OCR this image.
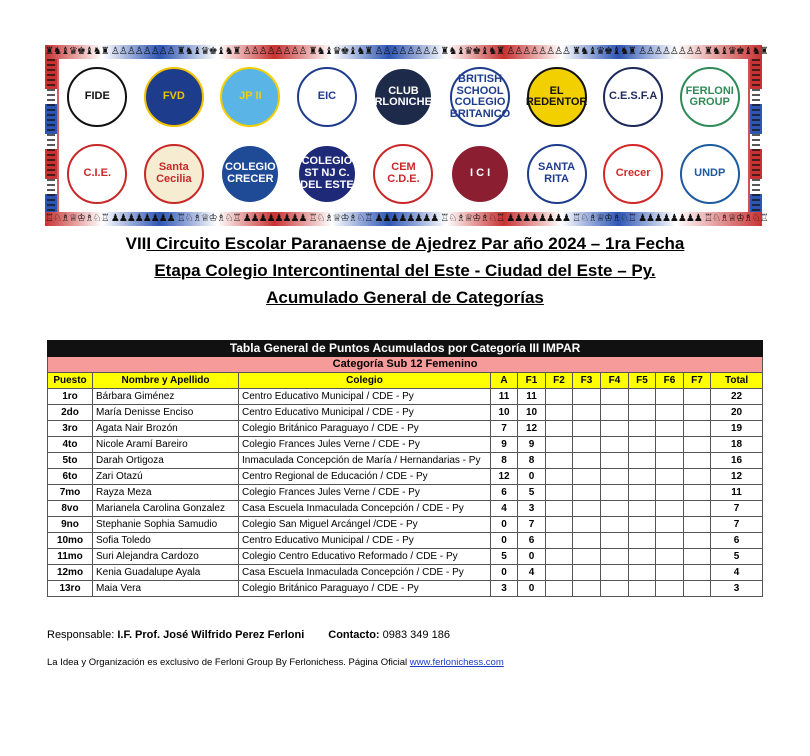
♜♞♝♛♚♝♞♜ ♙♙♙♙♙♙♙♙ ♜♞♝♛♚♝♞♜ ♙♙♙♙♙♙♙♙ ♜♞♝♛♚♝♞♜ ♙♙♙♙♙♙♙♙ ♜♞♝♛♚♝♞♜ ♙♙♙♙♙♙♙♙ ♜♞♝♛♚♝♞♜ ♙♙♙♙♙♙♙♙ ♜♞♝♛♚♝♞♜
FIDE	FVD	JP II	EIC	CLUB FERLONICHESS
BRITISH SCHOOL COLEGIO BRITANICO
EL REDENTOR	C.E.S.F.A	FERLONI GROUP
C.I.E.	Santa Cecilia
COLEGIO CRECER
COLEGIO ST NJ C. DEL ESTE
CEM C.D.E.	I C I	SANTA RITA	Crecer	UNDP
♖♘♗♕♔♗♘♖ ♟♟♟♟♟♟♟♟ ♖♘♗♕♔♗♘♖ ♟♟♟♟♟♟♟♟ ♖♘♗♕♔♗♘♖ ♟♟♟♟♟♟♟♟ ♖♘♗♕♔♗♘♖ ♟♟♟♟♟♟♟♟ ♖♘♗♕♔♗♘♖ ♟♟♟♟♟♟♟♟ ♖♘♗♕♔♗♘♖
VIII Circuito Escolar Paranaense de Ajedrez Par año 2024 – 1ra Fecha
Etapa Colegio Intercontinental del Este - Ciudad del Este – Py.
Acumulado General de Categorías
Tabla General de Puntos Acumulados por Categoría III IMPAR											
Categoría Sub 12 Femenino											
Puesto	Nombre y Apellido	Colegio	A	F1	F2	F3	F4	F5	F6	F7	Total
1ro	Bárbara Giménez	Centro Educativo Municipal / CDE - Py	11	11							22
2do	María Denisse Enciso	Centro Educativo Municipal / CDE - Py	10	10							20
3ro	Agata Nair Brozón	Colegio Británico Paraguayo / CDE - Py	7	12							19
4to	Nicole Aramí Bareiro	Colegio Frances Jules Verne / CDE - Py	9	9							18
5to	Darah Ortigoza	Inmaculada Concepción de María / Hernandarias - Py	8	8							16
6to	Zari Otazú	Centro Regional de Educación / CDE - Py	12	0							12
7mo	Rayza Meza	Colegio Frances Jules Verne / CDE - Py	6	5							11
8vo	Marianela Carolina Gonzalez	Casa Escuela Inmaculada Concepción / CDE - Py	4	3							7
9no	Stephanie Sophia Samudio	Colegio San Miguel Arcángel /CDE - Py	0	7							7
10mo	Sofia Toledo	Centro Educativo Municipal / CDE - Py	0	6							6
11mo	Suri Alejandra Cardozo	Colegio Centro Educativo Reformado / CDE - Py	5	0							5
12mo	Kenia Guadalupe Ayala	Casa Escuela Inmaculada Concepción / CDE - Py	0	4							4
13ro	Maia Vera	Colegio Británico Paraguayo / CDE - Py	3	0							3
Responsable: I.F. Prof. José Wilfrido Perez Ferloni Contacto: 0983 349 186
La Idea y Organización es exclusivo de Ferloni Group By Ferlonichess. Página Oficial www.ferlonichess.com
